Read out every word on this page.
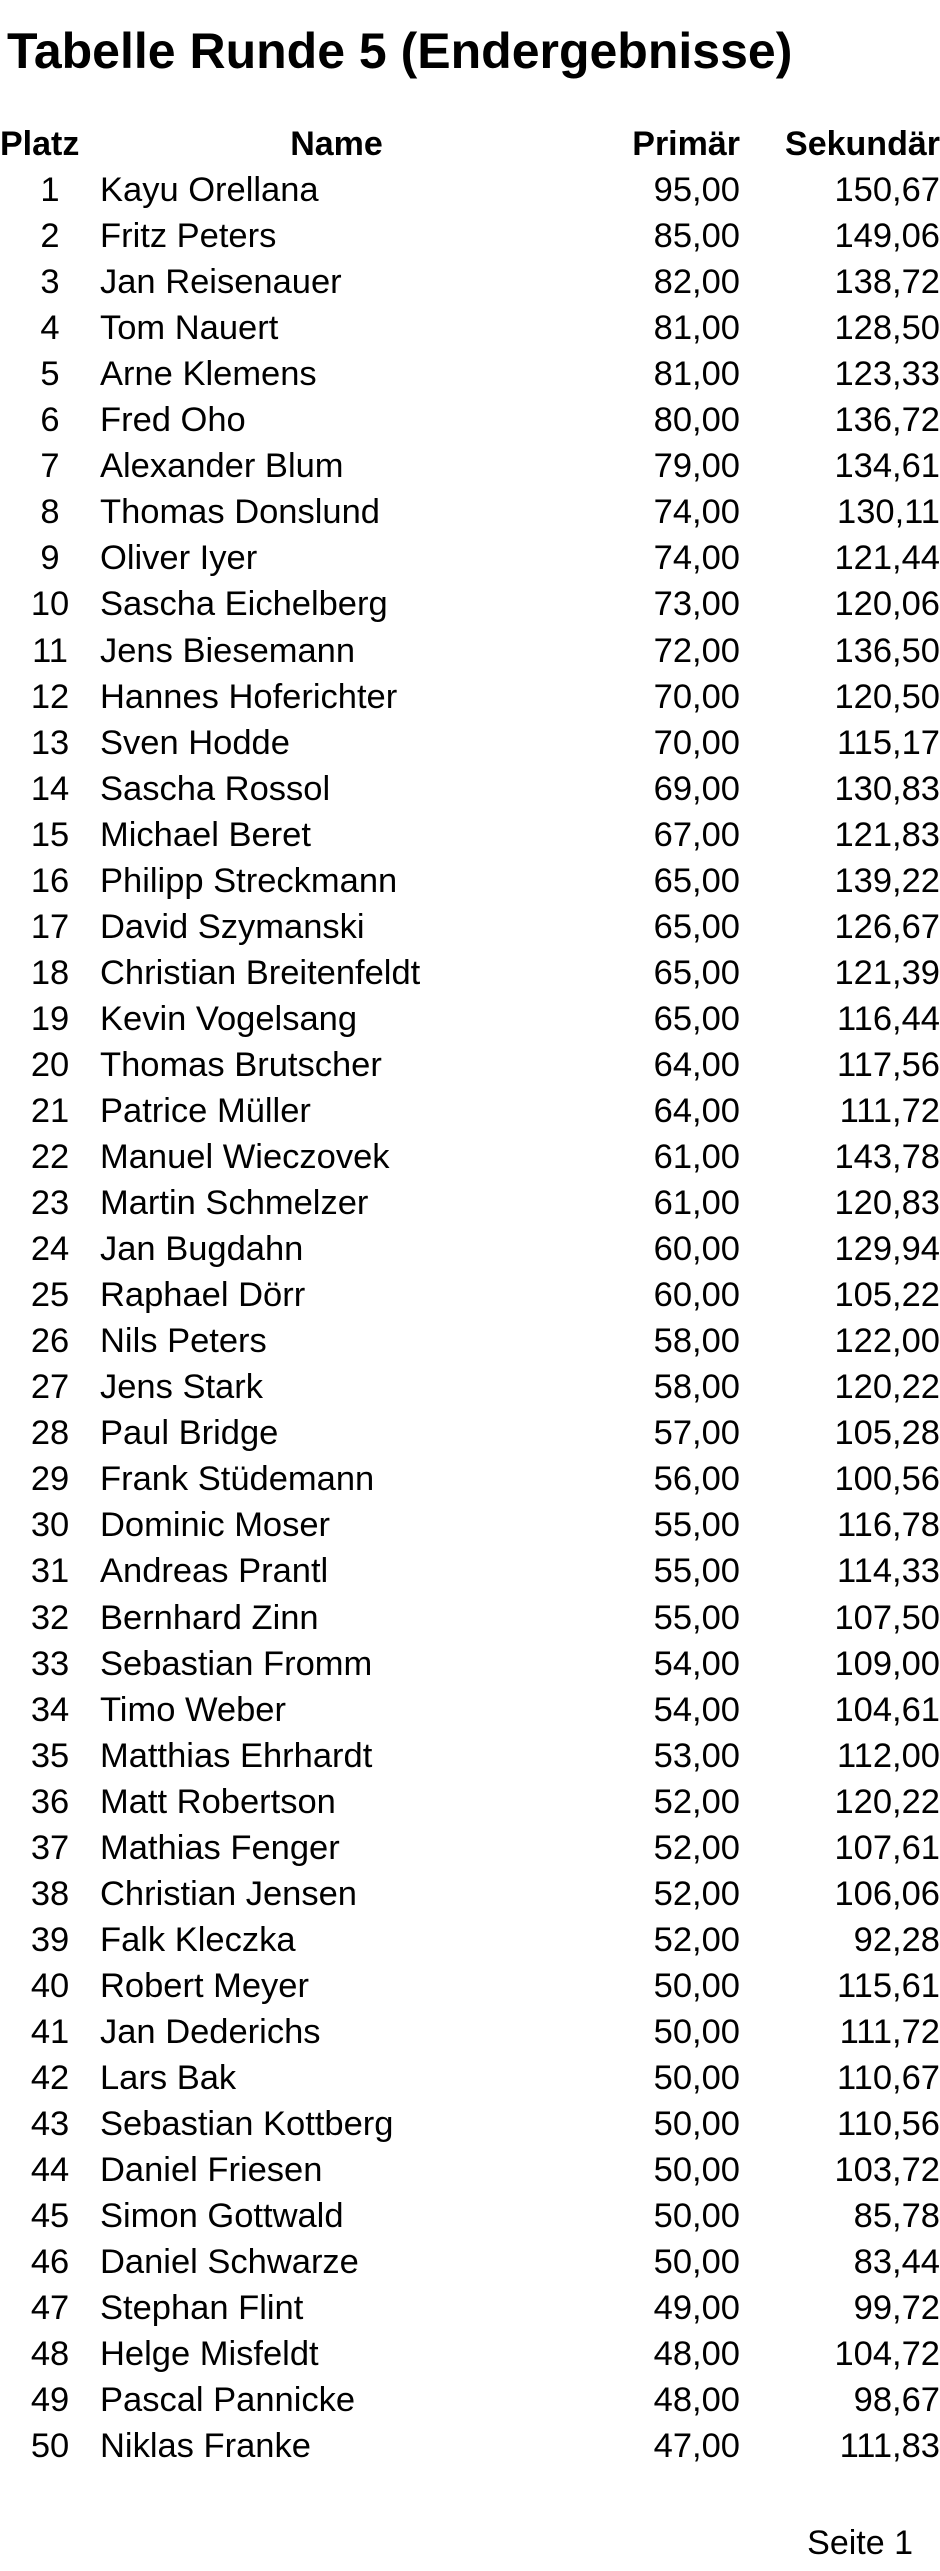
Tabelle Runde 5 (Endergebnisse)
Platz	Name	Primär	Sekundär
1	Kayu Orellana	95,00	150,67
2	Fritz Peters	85,00	149,06
3	Jan Reisenauer	82,00	138,72
4	Tom Nauert	81,00	128,50
5	Arne Klemens	81,00	123,33
6	Fred Oho	80,00	136,72
7	Alexander Blum	79,00	134,61
8	Thomas Donslund	74,00	130,11
9	Oliver Iyer	74,00	121,44
10	Sascha Eichelberg	73,00	120,06
11	Jens Biesemann	72,00	136,50
12	Hannes Hoferichter	70,00	120,50
13	Sven Hodde	70,00	115,17
14	Sascha Rossol	69,00	130,83
15	Michael Beret	67,00	121,83
16	Philipp Streckmann	65,00	139,22
17	David Szymanski	65,00	126,67
18	Christian Breitenfeldt	65,00	121,39
19	Kevin Vogelsang	65,00	116,44
20	Thomas Brutscher	64,00	117,56
21	Patrice Müller	64,00	111,72
22	Manuel Wieczovek	61,00	143,78
23	Martin Schmelzer	61,00	120,83
24	Jan Bugdahn	60,00	129,94
25	Raphael Dörr	60,00	105,22
26	Nils Peters	58,00	122,00
27	Jens Stark	58,00	120,22
28	Paul Bridge	57,00	105,28
29	Frank Stüdemann	56,00	100,56
30	Dominic Moser	55,00	116,78
31	Andreas Prantl	55,00	114,33
32	Bernhard Zinn	55,00	107,50
33	Sebastian Fromm	54,00	109,00
34	Timo Weber	54,00	104,61
35	Matthias Ehrhardt	53,00	112,00
36	Matt Robertson	52,00	120,22
37	Mathias Fenger	52,00	107,61
38	Christian Jensen	52,00	106,06
39	Falk Kleczka	52,00	92,28
40	Robert Meyer	50,00	115,61
41	Jan Dederichs	50,00	111,72
42	Lars Bak	50,00	110,67
43	Sebastian Kottberg	50,00	110,56
44	Daniel Friesen	50,00	103,72
45	Simon Gottwald	50,00	85,78
46	Daniel Schwarze	50,00	83,44
47	Stephan Flint	49,00	99,72
48	Helge Misfeldt	48,00	104,72
49	Pascal Pannicke	48,00	98,67
50	Niklas Franke	47,00	111,83
Seite 1
